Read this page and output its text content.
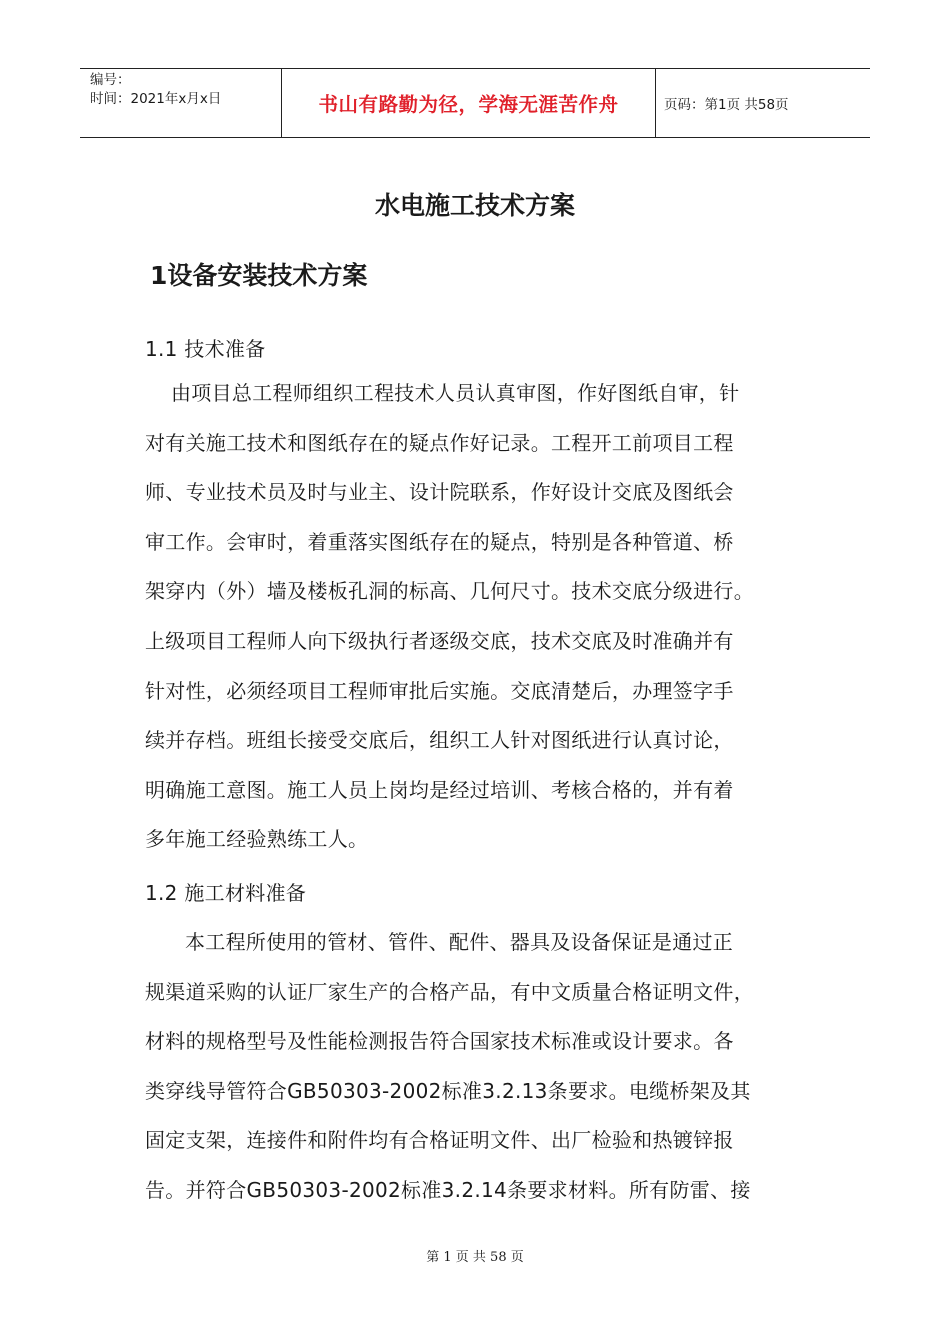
编号：
时间：2021年x月x日	书山有路勤为径，学海无涯苦作舟	页码：第1页 共58页
水电施工技术方案
1设备安装技术方案
1.1 技术准备
由项目总工程师组织工程技术人员认真审图，作好图纸自审，针
对有关施工技术和图纸存在的疑点作好记录。工程开工前项目工程
师、专业技术员及时与业主、设计院联系，作好设计交底及图纸会
审工作。会审时，着重落实图纸存在的疑点，特别是各种管道、桥
架穿内（外）墙及楼板孔洞的标高、几何尺寸。技术交底分级进行。
上级项目工程师人向下级执行者逐级交底，技术交底及时准确并有
针对性，必须经项目工程师审批后实施。交底清楚后，办理签字手
续并存档。班组长接受交底后，组织工人针对图纸进行认真讨论，
明确施工意图。施工人员上岗均是经过培训、考核合格的，并有着
多年施工经验熟练工人。
1.2 施工材料准备
本工程所使用的管材、管件、配件、器具及设备保证是通过正
规渠道采购的认证厂家生产的合格产品，有中文质量合格证明文件，
材料的规格型号及性能检测报告符合国家技术标准或设计要求。各
类穿线导管符合GB50303-2002标准3.2.13条要求。电缆桥架及其
固定支架，连接件和附件均有合格证明文件、出厂检验和热镀锌报
告。并符合GB50303-2002标准3.2.14条要求材料。所有防雷、接
第 1 页 共 58 页
